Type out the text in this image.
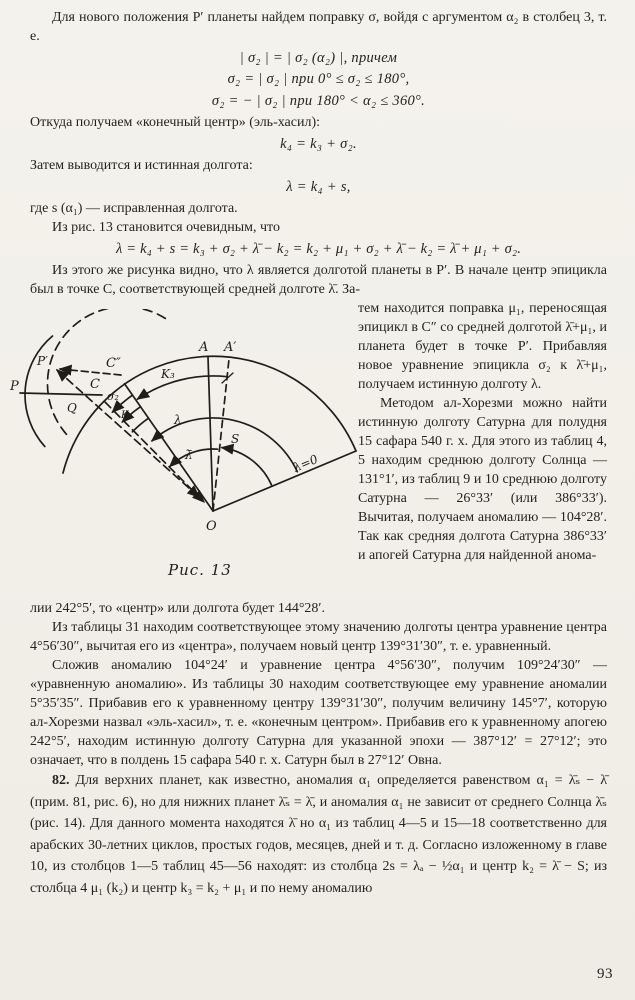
Для нового положения P′ планеты найдем поправку σ, войдя с аргументом α₂ в столбец 3, т. е.

| σ₂ | = | σ₂ (α₂) |, причем

σ₂ = | σ₂ | при 0° ≤ σ₂ ≤ 180°,

σ₂ = − | σ₂ | при 180° < α₂ ≤ 360°.

Откуда получаем «конечный центр» (эль-хасил):

k₄ = k₃ + σ₂.

Затем выводится и истинная долгота:

λ = k₄ + s,

где s (α₁) — исправленная долгота.

Из рис. 13 становится очевидным, что

λ = k₄ + s = k₃ + σ₂ + λ̄ − k₂ = k₂ + μ₁ + σ₂ + λ̄ − k₂ = λ̄ + μ₁ + σ₂.

Из этого же рисунка видно, что λ является долготой планеты в P′. В начале центр эпицикла был в точке C, соответствующей средней долготе λ̄. За-

A A′
C″
C
P
P′
Q
O
K₃
σ₂
K₄	λ
λ̄
S
λ=0
Рис. 13

тем находится поправка μ₁, переносящая эпицикл в C″ со средней долготой λ̄+μ₁, и планета будет в точке P′. Прибавляя новое уравнение эпицикла σ₂ к λ̄+μ₁, получаем истинную долготу λ.

Методом ал-Хорезми можно найти истинную долготу Сатурна для полудня 15 сафара 540 г. х. Для этого из таблиц 4, 5 находим среднюю долготу Солнца — 131°1′, из таблиц 9 и 10 среднюю долготу Сатурна — 26°33′ (или 386°33′). Вычитая, получаем аномалию — 104°28′. Так как средняя долгота Сатурна 386°33′ и апогей Сатурна для найденной анома-

лии 242°5′, то «центр» или долгота будет 144°28′.

Из таблицы 31 находим соответствующее этому значению долготы центра уравнение центра 4°56′30″, вычитая его из «центра», получаем новый центр 139°31′30″, т. е. уравненный.

Сложив аномалию 104°24′ и уравнение центра 4°56′30″, получим 109°24′30″ — «уравненную аномалию». Из таблицы 30 находим соответствующее ему уравнение аномалии 5°35′35″. Прибавив его к уравненному центру 139°31′30″, получим величину 145°7′, которую ал-Хорезми назвал «эль-хасил», т. е. «конечным центром». Прибавив его к уравненному апогею 242°5′, находим истинную долготу Сатурна для указанной эпохи — 387°12′ = 27°12′; это означает, что в полдень 15 сафара 540 г. х. Сатурн был в 27°12′ Овна.

82. Для верхних планет, как известно, аномалия α₁ определяется равенством α₁ = λ̄ₛ − λ̄ (прим. 81, рис. 6), но для нижних планет λ̄ₛ = λ̄, и аномалия α₁ не зависит от среднего Солнца λ̄ₛ (рис. 14). Для данного момента находятся λ̄ но α₁ из таблиц 4—5 и 15—18 соответственно для арабских 30-летних циклов, простых годов, месяцев, дней и т. д. Согласно изложенному в главе 10, из столбцов 1—5 таблиц 45—56 находят: из столбца 2s = λₐ − ½α₁ и центр k₂ = λ̄ − S; из столбца 4 μ₁ (k₂) и центр k₃ = k₂ + μ₁ и по нему аномалию

93
